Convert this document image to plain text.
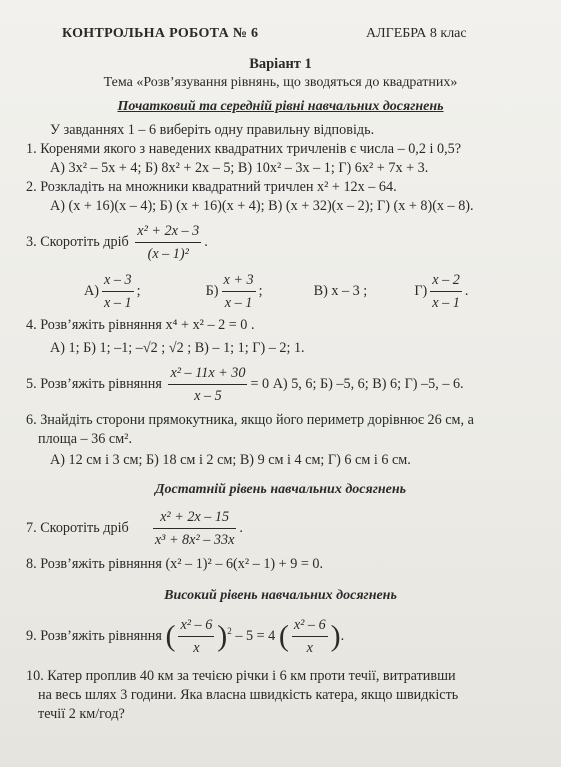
КОНТРОЛЬНА РОБОТА № 6	АЛГЕБРА 8 клас
Варіант 1
Тема «Розв’язування рівнянь, що зводяться до квадратних»
Початковий та середній рівні навчальних досягнень
У завданнях 1 – 6 виберіть одну правильну відповідь.
1. Коренями якого з наведених квадратних тричленів є числа – 0,2 і 0,5?
А) 3x² – 5x + 4; Б) 8x² + 2x – 5; В) 10x² – 3x – 1; Г) 6x² + 7x + 3.
2. Розкладіть на множники квадратний тричлен x² + 12x – 64.
А) (x + 16)(x – 4); Б) (x + 16)(x + 4); В) (x + 32)(x – 2); Г) (x + 8)(x – 8).
3. Скоротіть дріб $\frac{\text{x² + 2x – 3}}{\text{(x – 1)²}}$ .
$А) \frac{x - 3}{x - 1}$ ;	$Б) \frac{x + 3}{x - 1}$ ;	В) x – 3 ;	$Г) \frac{x - 2}{x - 1}$ .
4. Розв’яжіть рівняння x⁴ + x² – 2 = 0 .
А) 1; Б) 1; –1; –√2 ; √2 ; В) – 1; 1; Г) – 2; 1.
5. Розв’яжіть рівняння $\frac{\text{x² – 11x + 30}}{x - 5} = 0$ А) 5, 6; Б) –5, 6; В) 6; Г) –5, – 6.
6. Знайдіть сторони прямокутника, якщо його периметр дорівнює 26 см, а
площа – 36 см².
А) 12 см і 3 см; Б) 18 см і 2 см; В) 9 см і 4 см; Г) 6 см і 6 см.
Достатній рівень навчальних досягнень
7. Скоротіть дріб $\frac{\text{x² + 2x – 15}}{\text{x³ + 8x² – 33x}}$ .
8. Розв’яжіть рівняння (x² – 1)² – 6(x² – 1) + 9 = 0.
Високий рівень навчальних досягнень
9. Розв’яжіть рівняння ( $\frac{\text{x² – 6}}{x} )^2 - 5 = 4$ ( $\frac{\text{x² – 6}}{x}$ ).
10. Катер проплив 40 км за течією річки і 6 км проти течії, витративши
на весь шлях 3 години. Яка власна швидкість катера, якщо швидкість
течії 2 км/год?
